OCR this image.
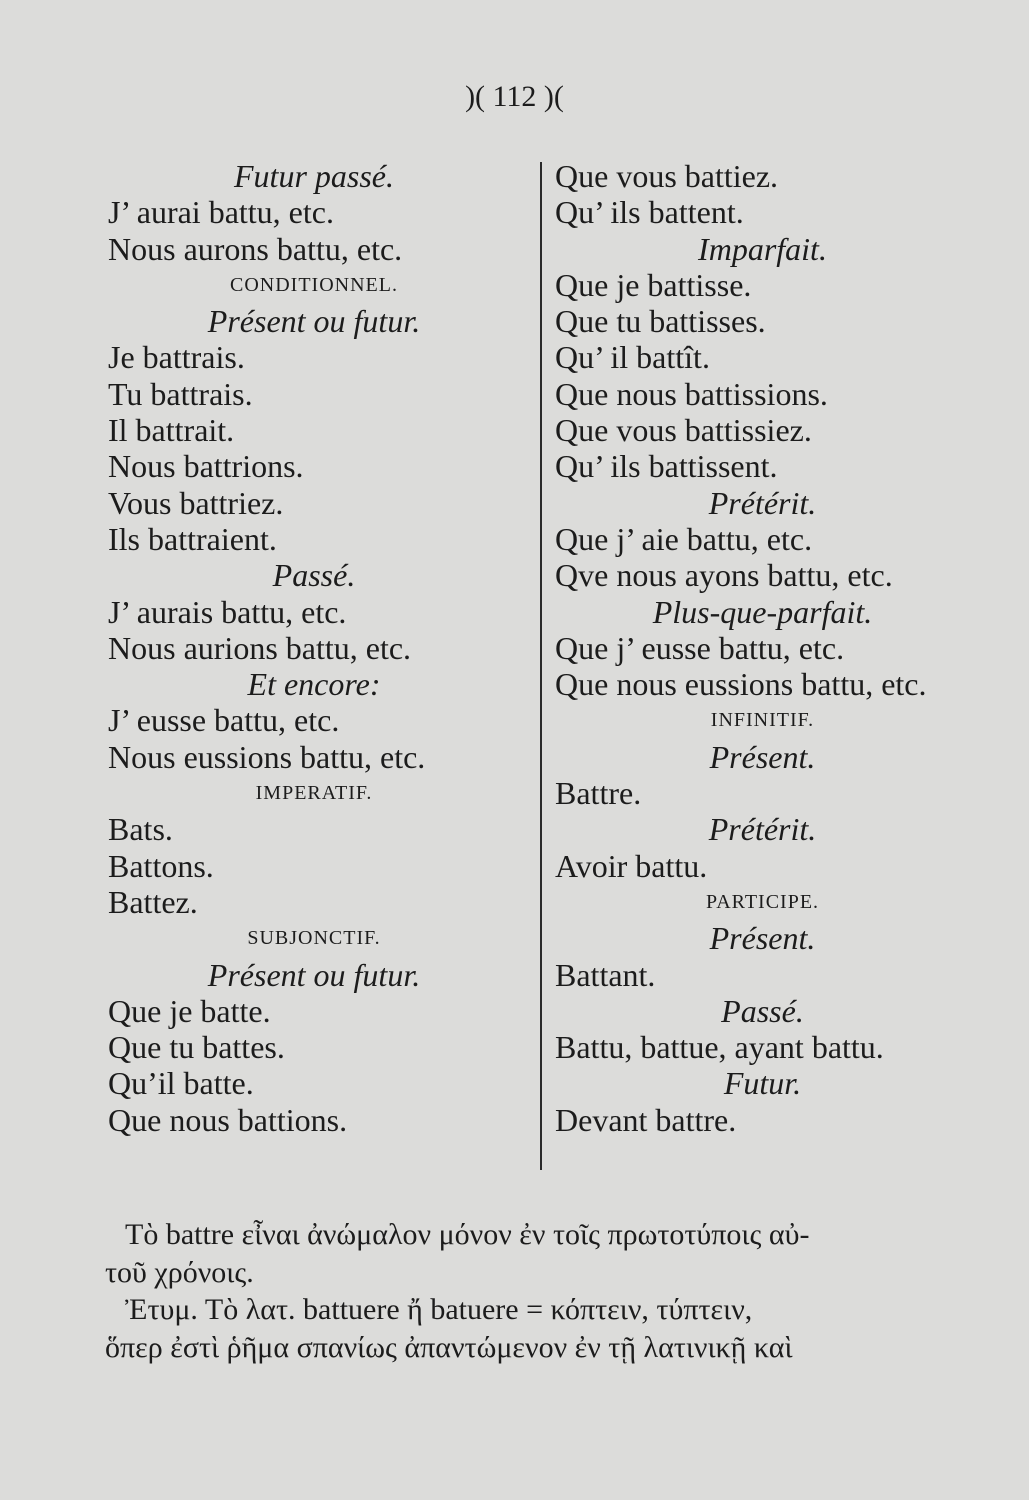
)( 112 )(
Futur passé.
J’ aurai battu, etc.
Nous aurons battu, etc.
CONDITIONNEL.
Présent ou futur.
Je battrais.
Tu battrais.
Il battrait.
Nous battrions.
Vous battriez.
Ils battraient.
Passé.
J’ aurais battu, etc.
Nous aurions battu, etc.
Et encore:
J’ eusse battu, etc.
Nous eussions battu, etc.
IMPERATIF.
Bats.
Battons.
Battez.
SUBJONCTIF.
Présent ou futur.
Que je batte.
Que tu battes.
Qu’il batte.
Que nous battions.
Que vous battiez.
Qu’ ils battent.
Imparfait.
Que je battisse.
Que tu battisses.
Qu’ il battît.
Que nous battissions.
Que vous battissiez.
Qu’ ils battissent.
Prétérit.
Que j’ aie battu, etc.
Qve nous ayons battu, etc.
Plus-que-parfait.
Que j’ eusse battu, etc.
Que nous eussions battu, etc.
INFINITIF.
Présent.
Battre.
Prétérit.
Avoir battu.
PARTICIPE.
Présent.
Battant.
Passé.
Battu, battue, ayant battu.
Futur.
Devant battre.
Τὸ battre εἶναι ἀνώμαλον μόνον ἐν τοῖς πρωτοτύποις αὐ-
τοῦ χρόνοις.
Ἐτυμ. Τὸ λατ. battuere ἤ batuere = κόπτειν, τύπτειν,
ὅπερ ἐστὶ ῥῆμα σπανίως ἀπαντώμενον ἐν τῇ λατινικῇ καὶ
